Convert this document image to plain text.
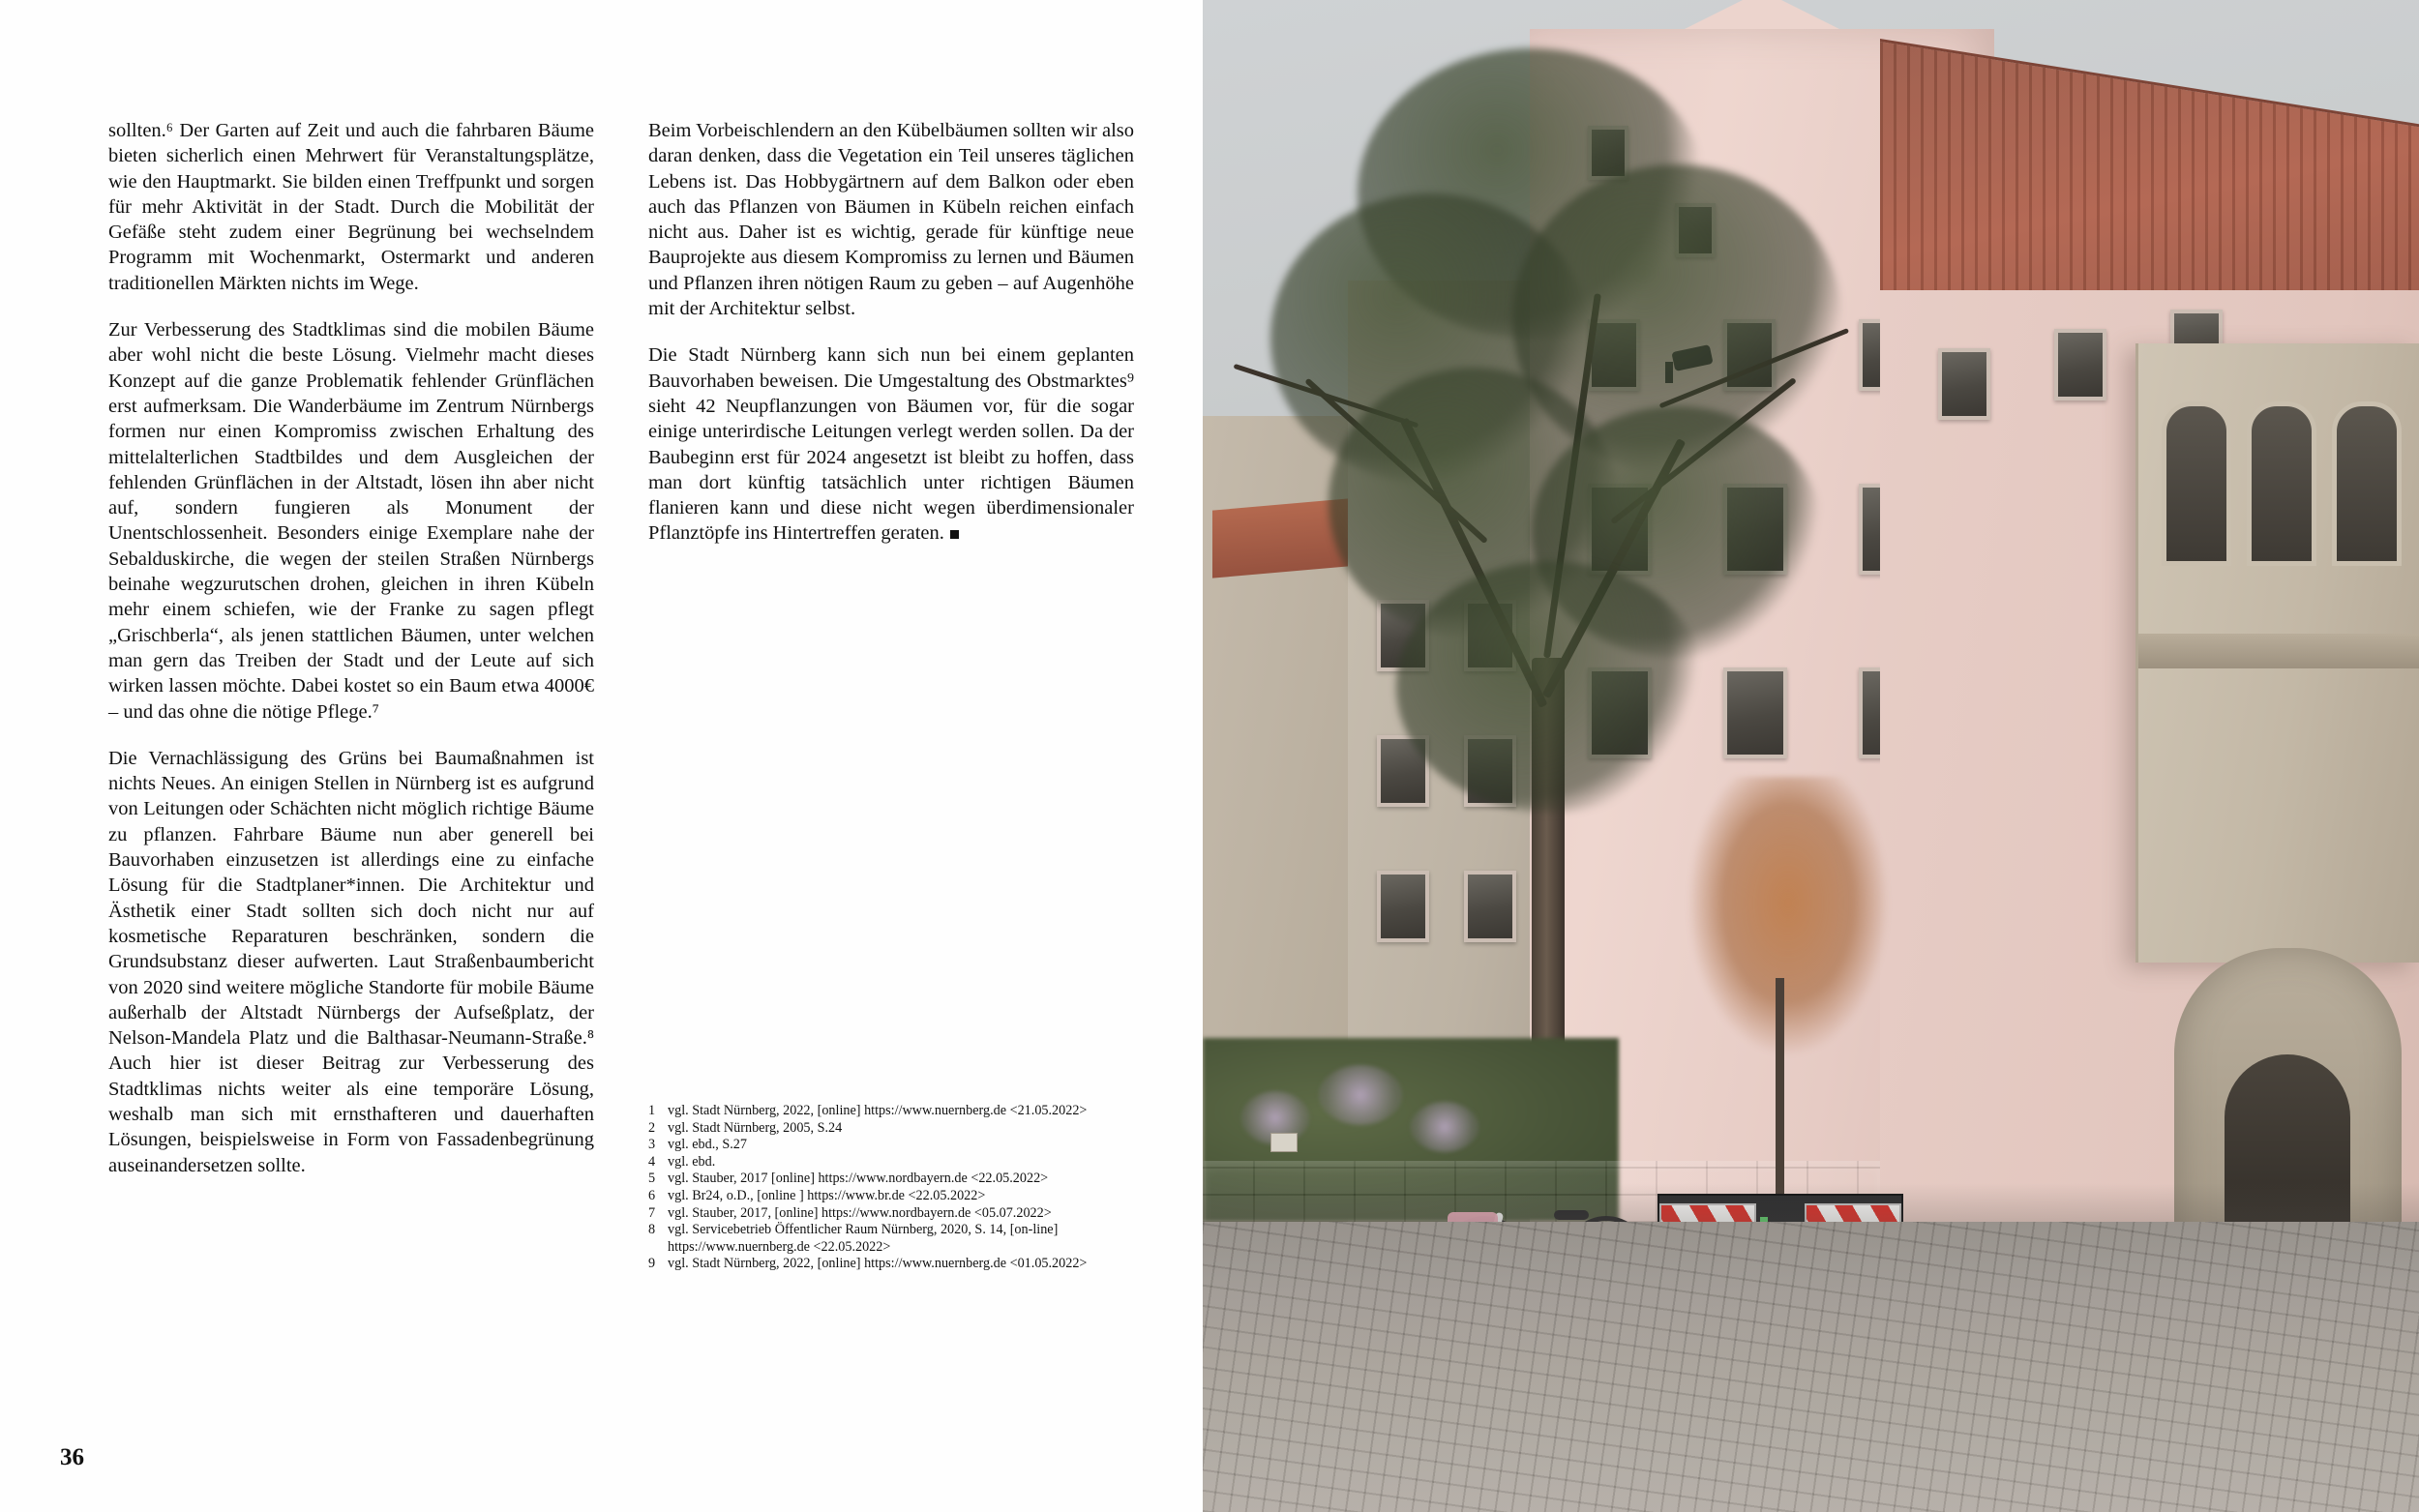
sollten.⁶ Der Garten auf Zeit und auch die fahrbaren Bäume bieten sicherlich einen Mehrwert für Veranstaltungsplätze, wie den Hauptmarkt. Sie bilden einen Treffpunkt und sorgen für mehr Aktivität in der Stadt. Durch die Mobilität der Gefäße steht zudem einer Begrünung bei wechselndem Programm mit Wochenmarkt, Ostermarkt und anderen traditionellen Märkten nichts im Wege.

Zur Verbesserung des Stadtklimas sind die mobilen Bäume aber wohl nicht die beste Lösung. Vielmehr macht dieses Konzept auf die ganze Problematik fehlender Grünflächen erst aufmerksam. Die Wanderbäume im Zentrum Nürnbergs formen nur einen Kompromiss zwischen Erhaltung des mittelalterlichen Stadtbildes und dem Ausgleichen der fehlenden Grünflächen in der Altstadt, lösen ihn aber nicht auf, sondern fungieren als Monument der Unentschlossenheit. Besonders einige Exemplare nahe der Sebalduskirche, die wegen der steilen Straßen Nürnbergs beinahe wegzurutschen drohen, gleichen in ihren Kübeln mehr einem schiefen, wie der Franke zu sagen pflegt „Grischberla“, als jenen stattlichen Bäumen, unter welchen man gern das Treiben der Stadt und der Leute auf sich wirken lassen möchte. Dabei kostet so ein Baum etwa 4000€ – und das ohne die nötige Pflege.⁷

Die Vernachlässigung des Grüns bei Baumaßnahmen ist nichts Neues. An einigen Stellen in Nürnberg ist es aufgrund von Leitungen oder Schächten nicht möglich richtige Bäume zu pflanzen. Fahrbare Bäume nun aber generell bei Bauvorhaben einzusetzen ist allerdings eine zu einfache Lösung für die Stadtplaner*innen. Die Architektur und Ästhetik einer Stadt sollten sich doch nicht nur auf kosmetische Reparaturen beschränken, sondern die Grundsubstanz dieser aufwerten. Laut Straßenbaumbericht von 2020 sind weitere mögliche Standorte für mobile Bäume außerhalb der Altstadt Nürnbergs der Aufseßplatz, der Nelson-Mandela Platz und die Balthasar-Neumann-Straße.⁸ Auch hier ist dieser Beitrag zur Verbesserung des Stadtklimas nichts weiter als eine temporäre Lösung, weshalb man sich mit ernsthafteren und dauerhaften Lösungen, beispielsweise in Form von Fassadenbegrünung auseinandersetzen sollte.

Beim Vorbeischlendern an den Kübelbäumen sollten wir also daran denken, dass die Vegetation ein Teil unseres täglichen Lebens ist. Das Hobbygärtnern auf dem Balkon oder eben auch das Pflanzen von Bäumen in Kübeln reichen einfach nicht aus. Daher ist es wichtig, gerade für künftige neue Bauprojekte aus diesem Kompromiss zu lernen und Bäumen und Pflanzen ihren nötigen Raum zu geben – auf Augenhöhe mit der Architektur selbst.

Die Stadt Nürnberg kann sich nun bei einem geplanten Bauvorhaben beweisen. Die Umgestaltung des Obstmarktes⁹ sieht 42 Neupflanzungen von Bäumen vor, für die sogar einige unterirdische Leitungen verlegt werden sollen. Da der Baubeginn erst für 2024 angesetzt ist bleibt zu hoffen, dass man dort künftig tatsächlich unter richtigen Bäumen flanieren kann und diese nicht wegen überdimensionaler Pflanztöpfe ins Hintertreffen geraten.

1 vgl. Stadt Nürnberg, 2022, [online] https://www.nuernberg.de <21.05.2022>
2 vgl. Stadt Nürnberg, 2005, S.24
3 vgl. ebd., S.27
4 vgl. ebd.
5 vgl. Stauber, 2017 [online] https://www.nordbayern.de <22.05.2022>
6 vgl. Br24, o.D., [online ] https://www.br.de <22.05.2022>
7 vgl. Stauber, 2017, [online] https://www.nordbayern.de <05.07.2022>
8 vgl. Servicebetrieb Öffentlicher Raum Nürnberg, 2020, S. 14, [on-line] https://www.nuernberg.de <22.05.2022>
9 vgl. Stadt Nürnberg, 2022, [online] https://www.nuernberg.de <01.05.2022>
36
